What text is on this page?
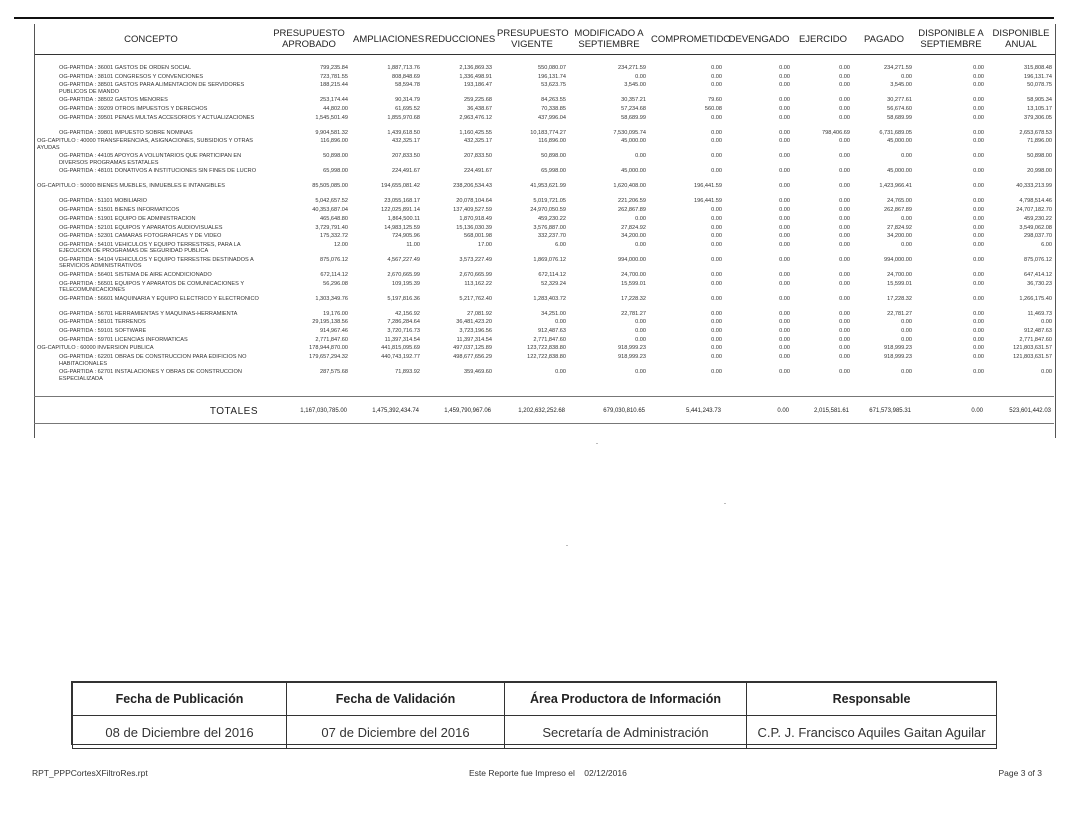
CONCEPTO	PRESUPUESTO APROBADO	AMPLIACIONES	REDUCCIONES	PRESUPUESTO VIGENTE	MODIFICADO A SEPTIEMBRE	COMPROMETIDO	DEVENGADO	EJERCIDO	PAGADO	DISPONIBLE A SEPTIEMBRE	DISPONIBLE ANUAL

OG-PARTIDA : 36001 GASTOS DE ORDEN SOCIAL	799,235.84	1,887,713.76	2,136,869.33	550,080.07	234,271.59	0.00	0.00	0.00	234,271.59	0.00	315,808.48
OG-PARTIDA : 38101 CONGRESOS Y CONVENCIONES	723,781.55	808,848.69	1,336,498.91	196,131.74	0.00	0.00	0.00	0.00	0.00	0.00	196,131.74
OG-PARTIDA : 38501 GASTOS PARA ALIMENTACION DE SERVIDORES PUBLICOS DE MANDO	188,215.44	58,594.78	193,186.47	53,623.75	3,545.00	0.00	0.00	0.00	3,545.00	0.00	50,078.75
OG-PARTIDA : 38502 GASTOS MENORES	253,174.44	90,314.79	259,225.68	84,263.55	30,357.21	79.60	0.00	0.00	30,277.61	0.00	58,905.34
OG-PARTIDA : 39209 OTROS IMPUESTOS Y DERECHOS	44,802.00	61,695.52	36,438.67	70,338.85	57,234.68	560.08	0.00	0.00	56,674.60	0.00	13,105.17
OG-PARTIDA : 39501 PENAS MULTAS ACCESORIOS Y ACTUALIZACIONES	1,545,501.49	1,855,970.68	2,963,476.12	437,996.04	58,689.99	0.00	0.00	0.00	58,689.99	0.00	379,306.05
OG-PARTIDA : 39801 IMPUESTO SOBRE NOMINAS	9,904,581.32	1,439,618.50	1,160,425.55	10,183,774.27	7,530,095.74	0.00	0.00	798,406.69	6,731,689.05	0.00	2,653,678.53
OG-CAPITULO : 40000 TRANSFERENCIAS, ASIGNACIONES, SUBSIDIOS Y OTRAS AYUDAS	116,896.00	432,325.17	432,325.17	116,896.00	45,000.00	0.00	0.00	0.00	45,000.00	0.00	71,896.00
OG-PARTIDA : 44105 APOYOS A VOLUNTARIOS QUE PARTICIPAN EN DIVERSOS PROGRAMAS ESTATALES	50,898.00	207,833.50	207,833.50	50,898.00	0.00	0.00	0.00	0.00	0.00	0.00	50,898.00
OG-PARTIDA : 48101 DONATIVOS A INSTITUCIONES SIN FINES DE LUCRO	65,998.00	224,491.67	224,491.67	65,998.00	45,000.00	0.00	0.00	0.00	45,000.00	0.00	20,998.00
OG-CAPITULO : 50000 BIENES MUEBLES, INMUEBLES E INTANGIBLES	85,505,085.00	194,655,081.42	238,206,534.43	41,953,621.99	1,620,408.00	196,441.59	0.00	0.00	1,423,966.41	0.00	40,333,213.99
OG-PARTIDA : 51101 MOBILIARIO	5,042,657.52	23,055,168.17	20,078,104.64	5,019,721.05	221,206.59	196,441.59	0.00	0.00	24,765.00	0.00	4,798,514.46
OG-PARTIDA : 51501 BIENES INFORMATICOS	40,353,687.04	122,025,891.14	137,409,527.59	24,970,050.59	262,867.89	0.00	0.00	0.00	262,867.89	0.00	24,707,182.70
OG-PARTIDA : 51901 EQUIPO DE ADMINISTRACION	465,648.80	1,864,500.11	1,870,918.49	459,230.22	0.00	0.00	0.00	0.00	0.00	0.00	459,230.22
OG-PARTIDA : 52101 EQUIPOS Y APARATOS AUDIOVISUALES	3,729,791.40	14,983,125.59	15,136,030.39	3,576,887.00	27,824.92	0.00	0.00	0.00	27,824.92	0.00	3,549,062.08
OG-PARTIDA : 52301 CAMARAS FOTOGRAFICAS Y DE VIDEO	175,332.72	724,905.96	568,001.98	332,237.70	34,200.00	0.00	0.00	0.00	34,200.00	0.00	298,037.70
OG-PARTIDA : 54101 VEHICULOS Y EQUIPO TERRESTRES, PARA LA EJECUCION DE PROGRAMAS DE SEGURIDAD PUBLICA	12.00	11.00	17.00	6.00	0.00	0.00	0.00	0.00	0.00	0.00	6.00
OG-PARTIDA : 54104 VEHICULOS Y EQUIPO TERRESTRE DESTINADOS A SERVICIOS ADMINISTRATIVOS	875,076.12	4,567,227.49	3,573,227.49	1,869,076.12	994,000.00	0.00	0.00	0.00	994,000.00	0.00	875,076.12
OG-PARTIDA : 56401 SISTEMA DE AIRE ACONDICIONADO	672,114.12	2,670,665.99	2,670,665.99	672,114.12	24,700.00	0.00	0.00	0.00	24,700.00	0.00	647,414.12
OG-PARTIDA : 56501 EQUIPOS Y APARATOS DE COMUNICACIONES Y TELECOMUNICACIONES	56,296.08	109,195.39	113,162.22	52,329.24	15,599.01	0.00	0.00	0.00	15,599.01	0.00	36,730.23
OG-PARTIDA : 56601 MAQUINARIA Y EQUIPO ELECTRICO Y ELECTRONICO	1,303,349.76	5,197,816.36	5,217,762.40	1,283,403.72	17,228.32	0.00	0.00	0.00	17,228.32	0.00	1,266,175.40
OG-PARTIDA : 56701 HERRAMIENTAS Y MAQUINAS-HERRAMIENTA	19,176.00	42,156.92	27,081.92	34,251.00	22,781.27	0.00	0.00	0.00	22,781.27	0.00	11,469.73
OG-PARTIDA : 58101 TERRENOS	29,195,138.56	7,286,284.64	36,481,423.20	0.00	0.00	0.00	0.00	0.00	0.00	0.00	0.00
OG-PARTIDA : 59101 SOFTWARE	914,967.46	3,720,716.73	3,723,196.56	912,487.63	0.00	0.00	0.00	0.00	0.00	0.00	912,487.63
OG-PARTIDA : 59701 LICENCIAS INFORMATICAS	2,771,847.60	11,397,314.54	11,397,314.54	2,771,847.60	0.00	0.00	0.00	0.00	0.00	0.00	2,771,847.60
OG-CAPITULO : 60000 INVERSION PUBLICA	178,944,870.00	441,815,095.69	497,037,125.89	123,722,838.80	918,999.23	0.00	0.00	0.00	918,999.23	0.00	121,803,631.57
OG-PARTIDA : 62201 OBRAS DE CONSTRUCCION PARA EDIFICIOS NO HABITACIONALES	179,657,294.32	440,743,192.77	498,677,656.29	122,722,838.80	918,999.23	0.00	0.00	0.00	918,999.23	0.00	121,803,631.57
OG-PARTIDA : 62701 INSTALACIONES Y OBRAS DE CONSTRUCCION ESPECIALIZADA	287,575.68	71,893.92	359,469.60	0.00	0.00	0.00	0.00	0.00	0.00	0.00	0.00
TOTALES	1,167,030,785.00	1,475,392,434.74	1,459,790,967.06	1,202,632,252.68	679,030,810.65	5,441,243.73	0.00	2,015,581.61	671,573,985.31	0.00	523,601,442.03
Fecha de Publicación	Fecha de Validación	Área Productora de Información	Responsable
08 de Diciembre del 2016	07 de Diciembre del 2016	Secretaría de Administración	C.P. J. Francisco Aquiles Gaitan Aguilar
RPT_PPPCortesXFiltroRes.rpt	Este Reporte fue Impreso el 02/12/2016	Page 3 of 3
